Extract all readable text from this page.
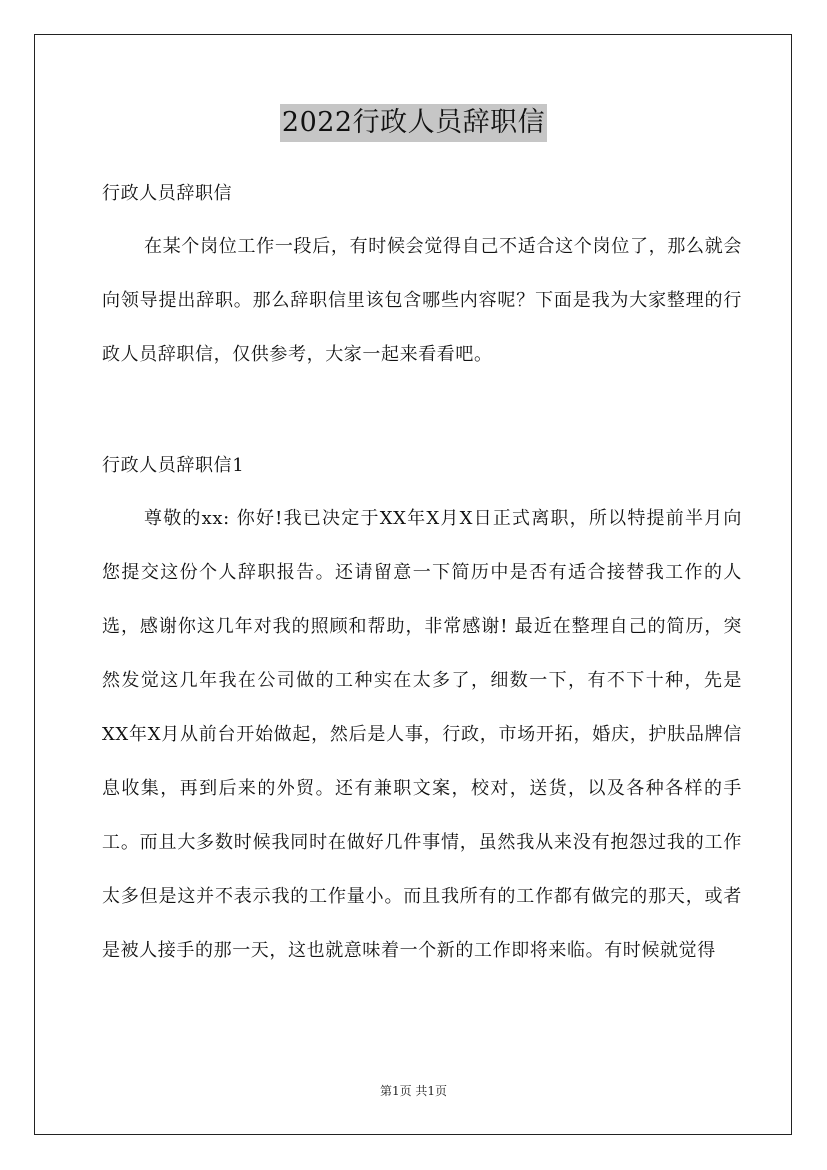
2022行政人员辞职信

行政人员辞职信

在某个岗位工作一段后，有时候会觉得自己不适合这个岗位了，那么就会向领导提出辞职。那么辞职信里该包含哪些内容呢？下面是我为大家整理的行政人员辞职信，仅供参考，大家一起来看看吧。

行政人员辞职信1

尊敬的xx: 你好!我已决定于XX年X月X日正式离职，所以特提前半月向您提交这份个人辞职报告。还请留意一下简历中是否有适合接替我工作的人选，感谢你这几年对我的照顾和帮助，非常感谢! 最近在整理自己的简历，突然发觉这几年我在公司做的工种实在太多了，细数一下，有不下十种，先是XX年X月从前台开始做起，然后是人事，行政，市场开拓，婚庆，护肤品牌信息收集，再到后来的外贸。还有兼职文案，校对，送货，以及各种各样的手工。而且大多数时候我同时在做好几件事情，虽然我从来没有抱怨过我的工作太多但是这并不表示我的工作量小。而且我所有的工作都有做完的那天，或者是被人接手的那一天，这也就意味着一个新的工作即将来临。有时候就觉得

第1页 共1页
